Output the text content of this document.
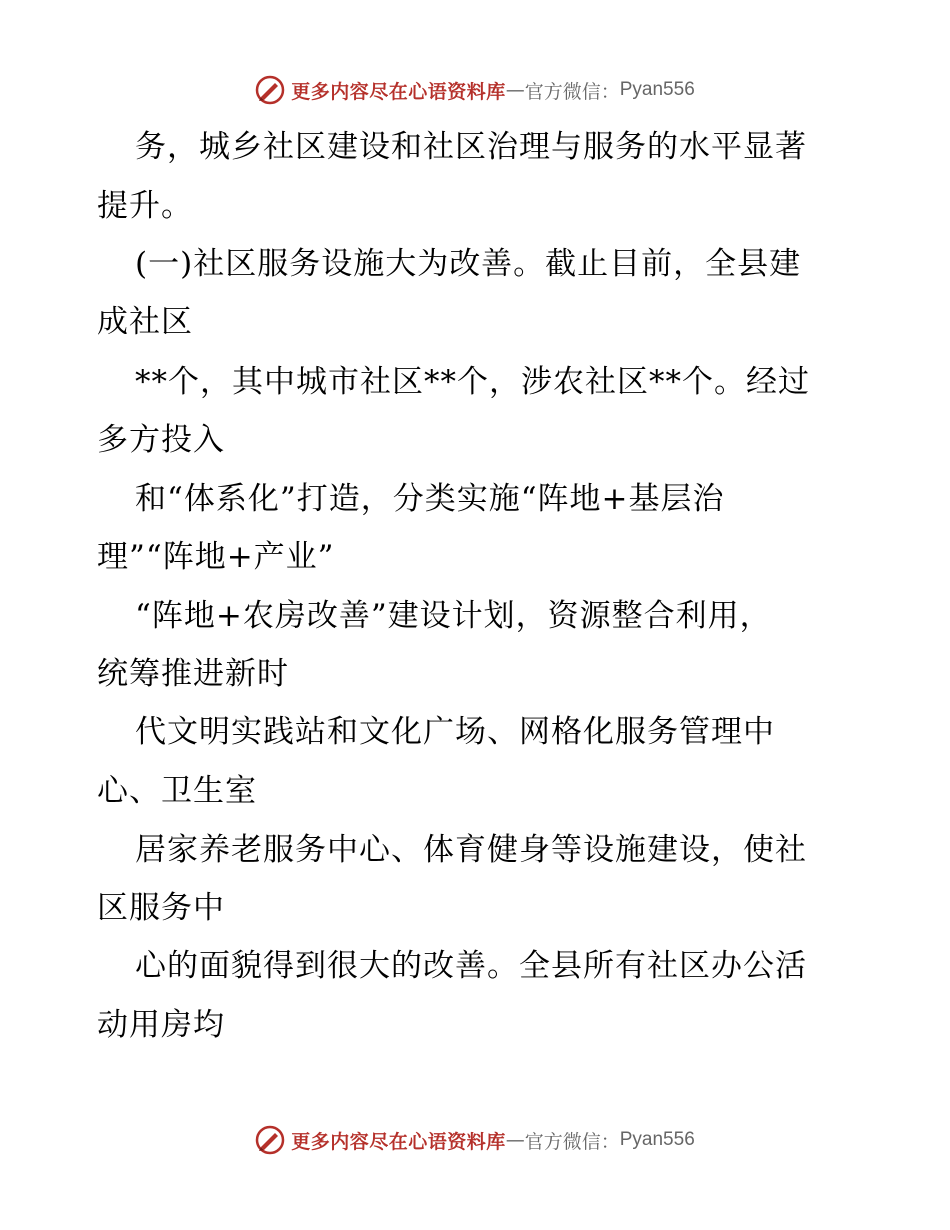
更多内容尽在心语资料库 — 官方微信： Pyan556
务，城乡社区建设和社区治理与服务的水平显著
提升。
(一)社区服务设施大为改善。截止目前，全县建
成社区
**个，其中城市社区**个，涉农社区**个。经过
多方投入
和“体系化”打造，分类实施“阵地+基层治
理”“阵地+产业”
“阵地+农房改善”建设计划，资源整合利用，
统筹推进新时
代文明实践站和文化广场、网格化服务管理中
心、卫生室
居家养老服务中心、体育健身等设施建设，使社
区服务中
心的面貌得到很大的改善。全县所有社区办公活
动用房均
更多内容尽在心语资料库 — 官方微信： Pyan556
